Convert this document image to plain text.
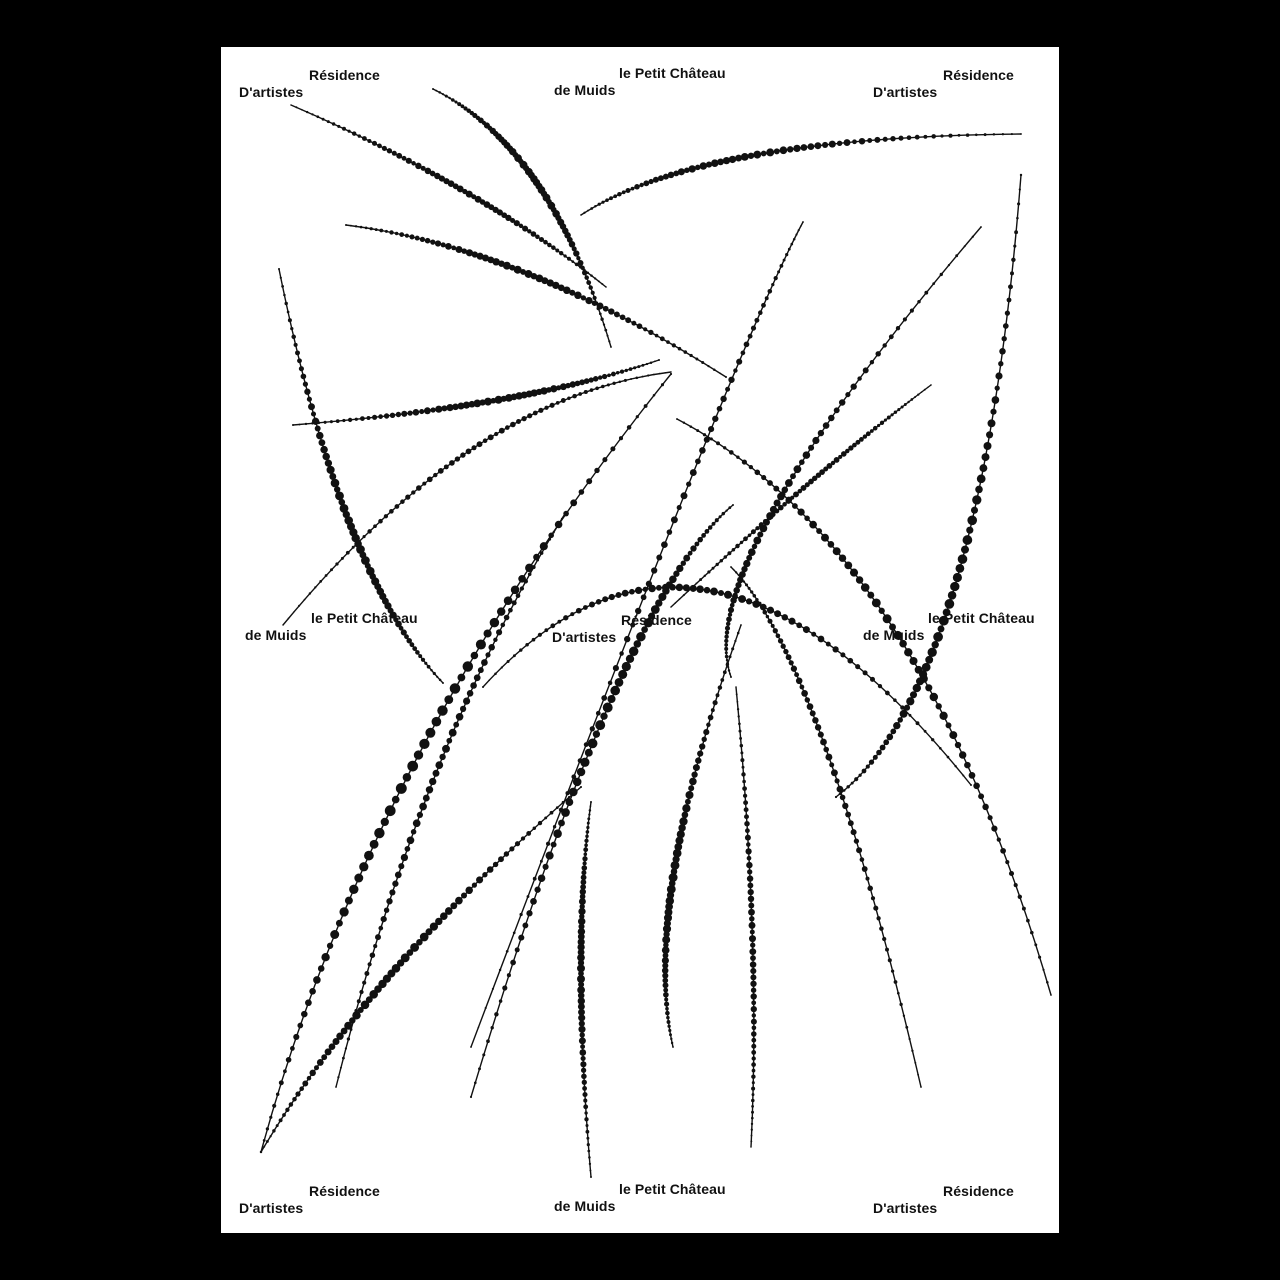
Résidence
D'artistes
le Petit Château
de Muids
Résidence
D'artistes
le Petit Château
de Muids
Résidence
D'artistes
le Petit Château
de Muids
Résidence
D'artistes
le Petit Château
de Muids
Résidence
D'artistes
